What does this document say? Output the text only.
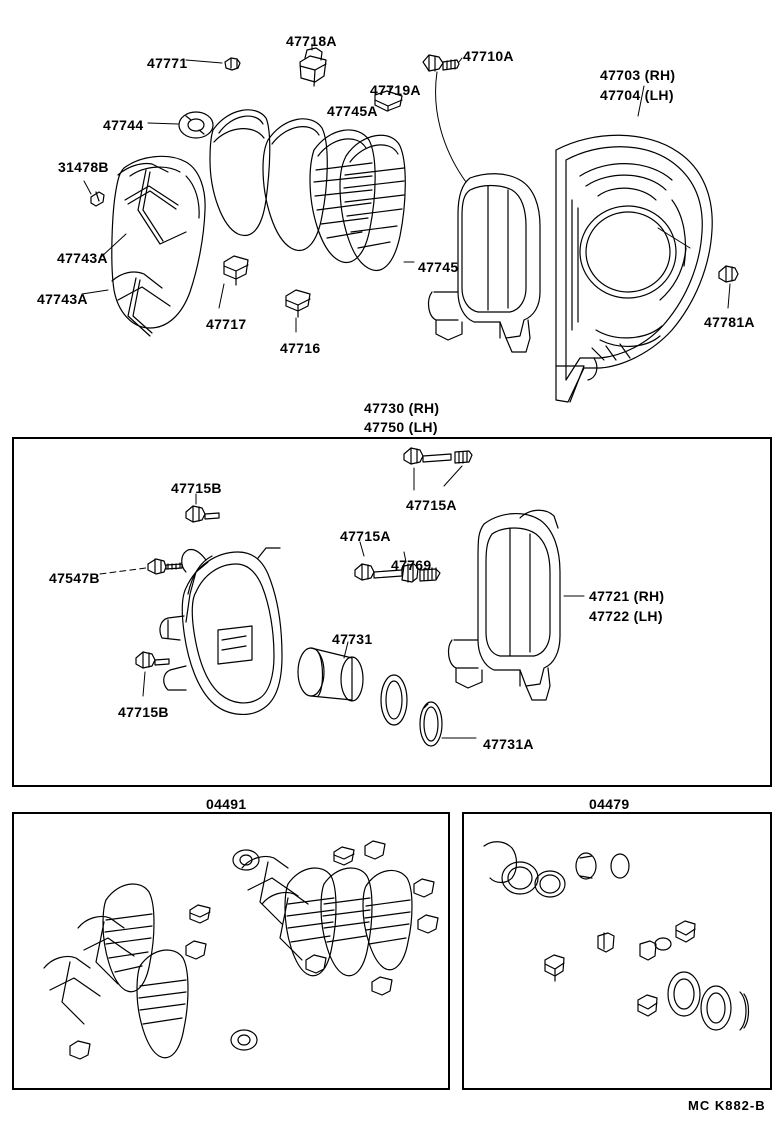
47771
47718A
47710A
47719A
47745A
47703 (RH)
47704 (LH)
47744
31478B
47743A
47743A
47717
47716
47745
47781A
47730 (RH)
47750 (LH)
47715B
47715A
47715A
47769
47547B
47721 (RH)
47722 (LH)
47731
47715B
47731A
04491	04479
MC K882-B
